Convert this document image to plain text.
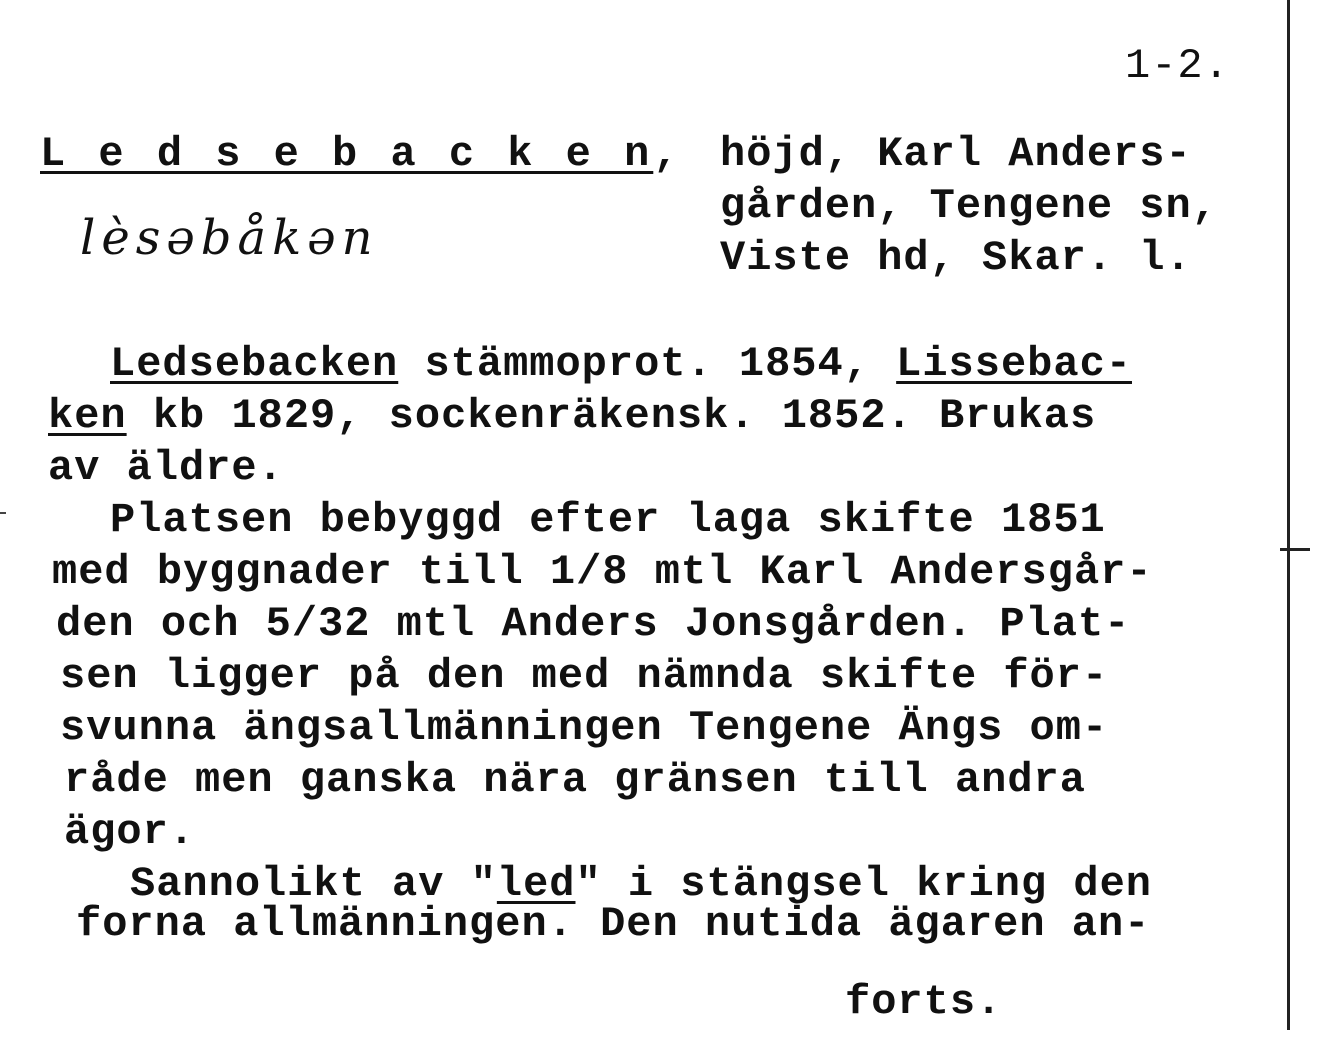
1-2.
L e d s e b a c k e n, höjd, Karl Anders-
gården, Tengene sn,
Viste hd, Skar. l.
lèsəbåkən
Ledsebacken stämmoprot. 1854, Lissebac-
ken kb 1829, sockenräkensk. 1852. Brukas
av äldre.
Platsen bebyggd efter laga skifte 1851
med byggnader till 1/8 mtl Karl Andersgår-
den och 5/32 mtl Anders Jonsgården. Plat-
sen ligger på den med nämnda skifte för-
svunna ängsallmänningen Tengene Ängs om-
råde men ganska nära gränsen till andra
ägor.
Sannolikt av "led" i stängsel kring den
forna allmänningen. Den nutida ägaren an-
forts.
